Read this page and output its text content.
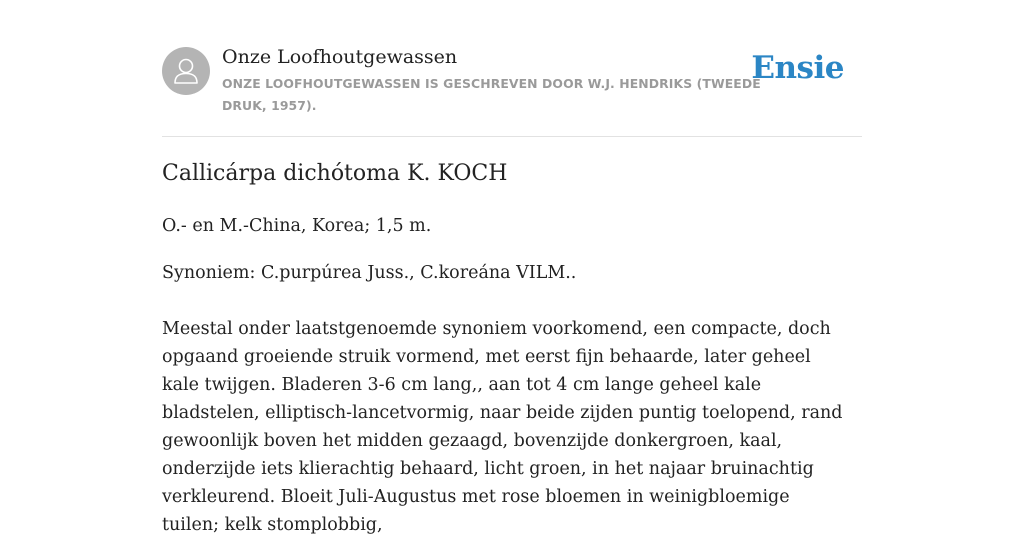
Onze Loofhoutgewassen
ONZE LOOFHOUTGEWASSEN IS GESCHREVEN DOOR W.J. HENDRIKS (TWEEDE DRUK, 1957).
Ensie
Callicárpa dichótoma K. KOCH

O.- en M.-China, Korea; 1,5 m.

Synoniem: C.purpúrea Juss., C.koreána VILM..

Meestal onder laatstgenoemde synoniem voorkomend, een compacte, doch opgaand groeiende struik vormend, met eerst fijn behaarde, later geheel kale twijgen. Bladeren 3-6 cm lang,, aan tot 4 cm lange geheel kale bladstelen, elliptisch-lancetvormig, naar beide zijden puntig toelopend, rand gewoonlijk boven het midden gezaagd, bovenzijde donkergroen, kaal, onderzijde iets klierachtig behaard, licht groen, in het najaar bruinachtig verkleurend. Bloeit Juli-Augustus met rose bloemen in weinigbloemige tuilen; kelk stomplobbig,
